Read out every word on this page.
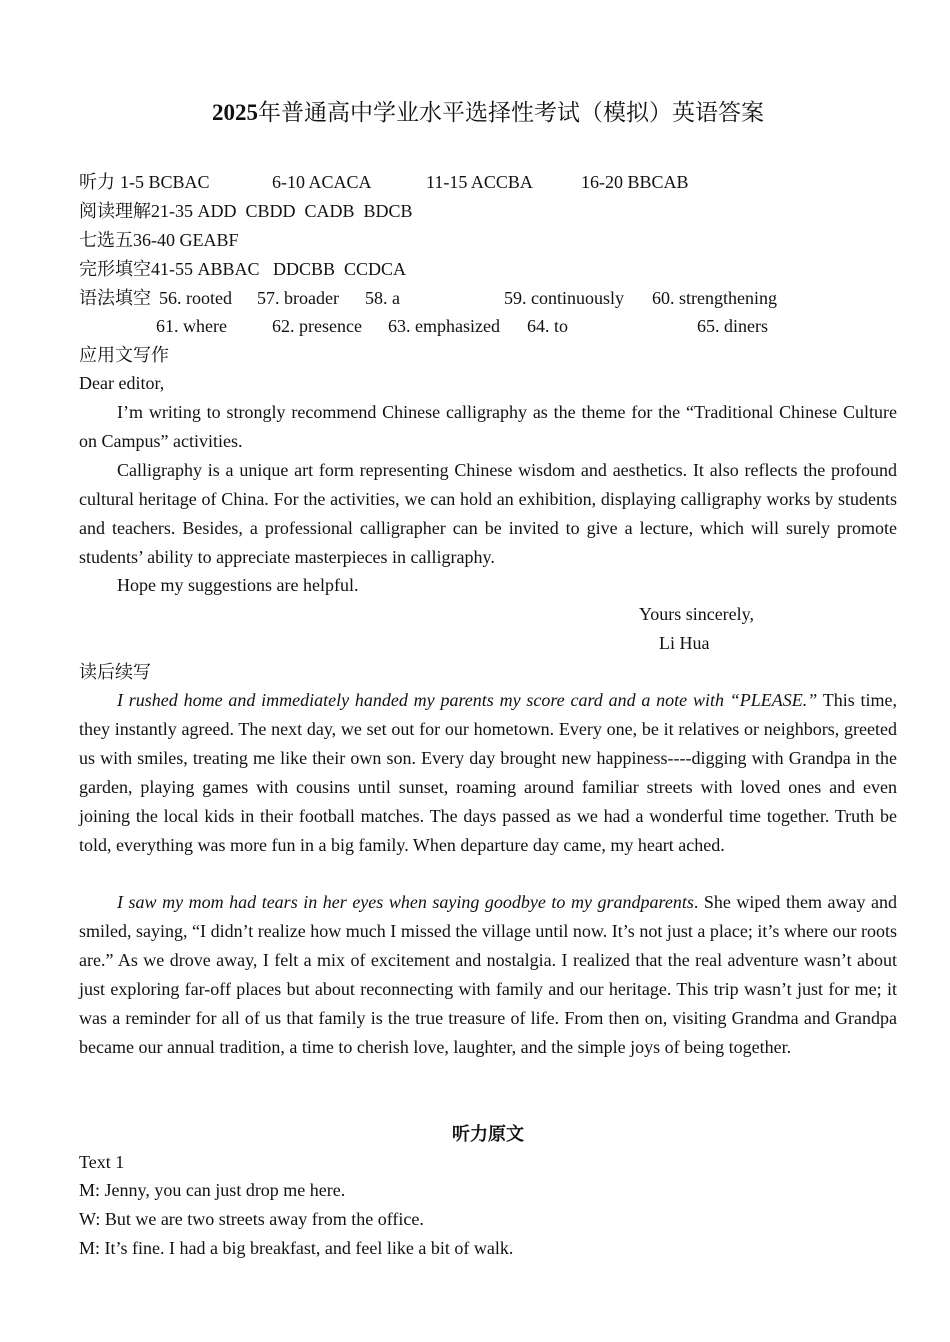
2025年普通高中学业水平选择性考试（模拟）英语答案
听力 1-5 BCBAC	6-10 ACACA	11-15 ACCBA	16-20 BBCAB
阅读理解21-35 ADD  CBDD  CADB  BDCB
七选五36-40 GEABF
完形填空41-55 ABBAC   DDCBB  CCDCA
语法填空 56. rooted 57. broader 58. a	59. continuously 60. strengthening
61. where	62. presence 63. emphasized 64. to	65. diners
应用文写作
Dear editor,
I’m writing to strongly recommend Chinese calligraphy as the theme for the “Traditional Chinese Culture on Campus” activities.
Calligraphy is a unique art form representing Chinese wisdom and aesthetics. It also reflects the profound cultural heritage of China. For the activities, we can hold an exhibition, displaying calligraphy works by students and teachers. Besides, a professional calligrapher can be invited to give a lecture, which will surely promote students’ ability to appreciate masterpieces in calligraphy.
Hope my suggestions are helpful.
Yours sincerely,
Li Hua
读后续写
I rushed home and immediately handed my parents my score card and a note with “PLEASE.” This time, they instantly agreed. The next day, we set out for our hometown. Every one, be it relatives or neighbors, greeted us with smiles, treating me like their own son. Every day brought new happiness----digging with Grandpa in the garden, playing games with cousins until sunset, roaming around familiar streets with loved ones and even joining the local kids in their football matches. The days passed as we had a wonderful time together. Truth be told, everything was more fun in a big family. When departure day came, my heart ached.
I saw my mom had tears in her eyes when saying goodbye to my grandparents. She wiped them away and smiled, saying, “I didn’t realize how much I missed the village until now. It’s not just a place; it’s where our roots are.” As we drove away, I felt a mix of excitement and nostalgia. I realized that the real adventure wasn’t about just exploring far-off places but about reconnecting with family and our heritage. This trip wasn’t just for me; it was a reminder for all of us that family is the true treasure of life. From then on, visiting Grandma and Grandpa became our annual tradition, a time to cherish love, laughter, and the simple joys of being together.
听力原文
Text 1
M: Jenny, you can just drop me here.
W: But we are two streets away from the office.
M: It’s fine. I had a big breakfast, and feel like a bit of walk.
